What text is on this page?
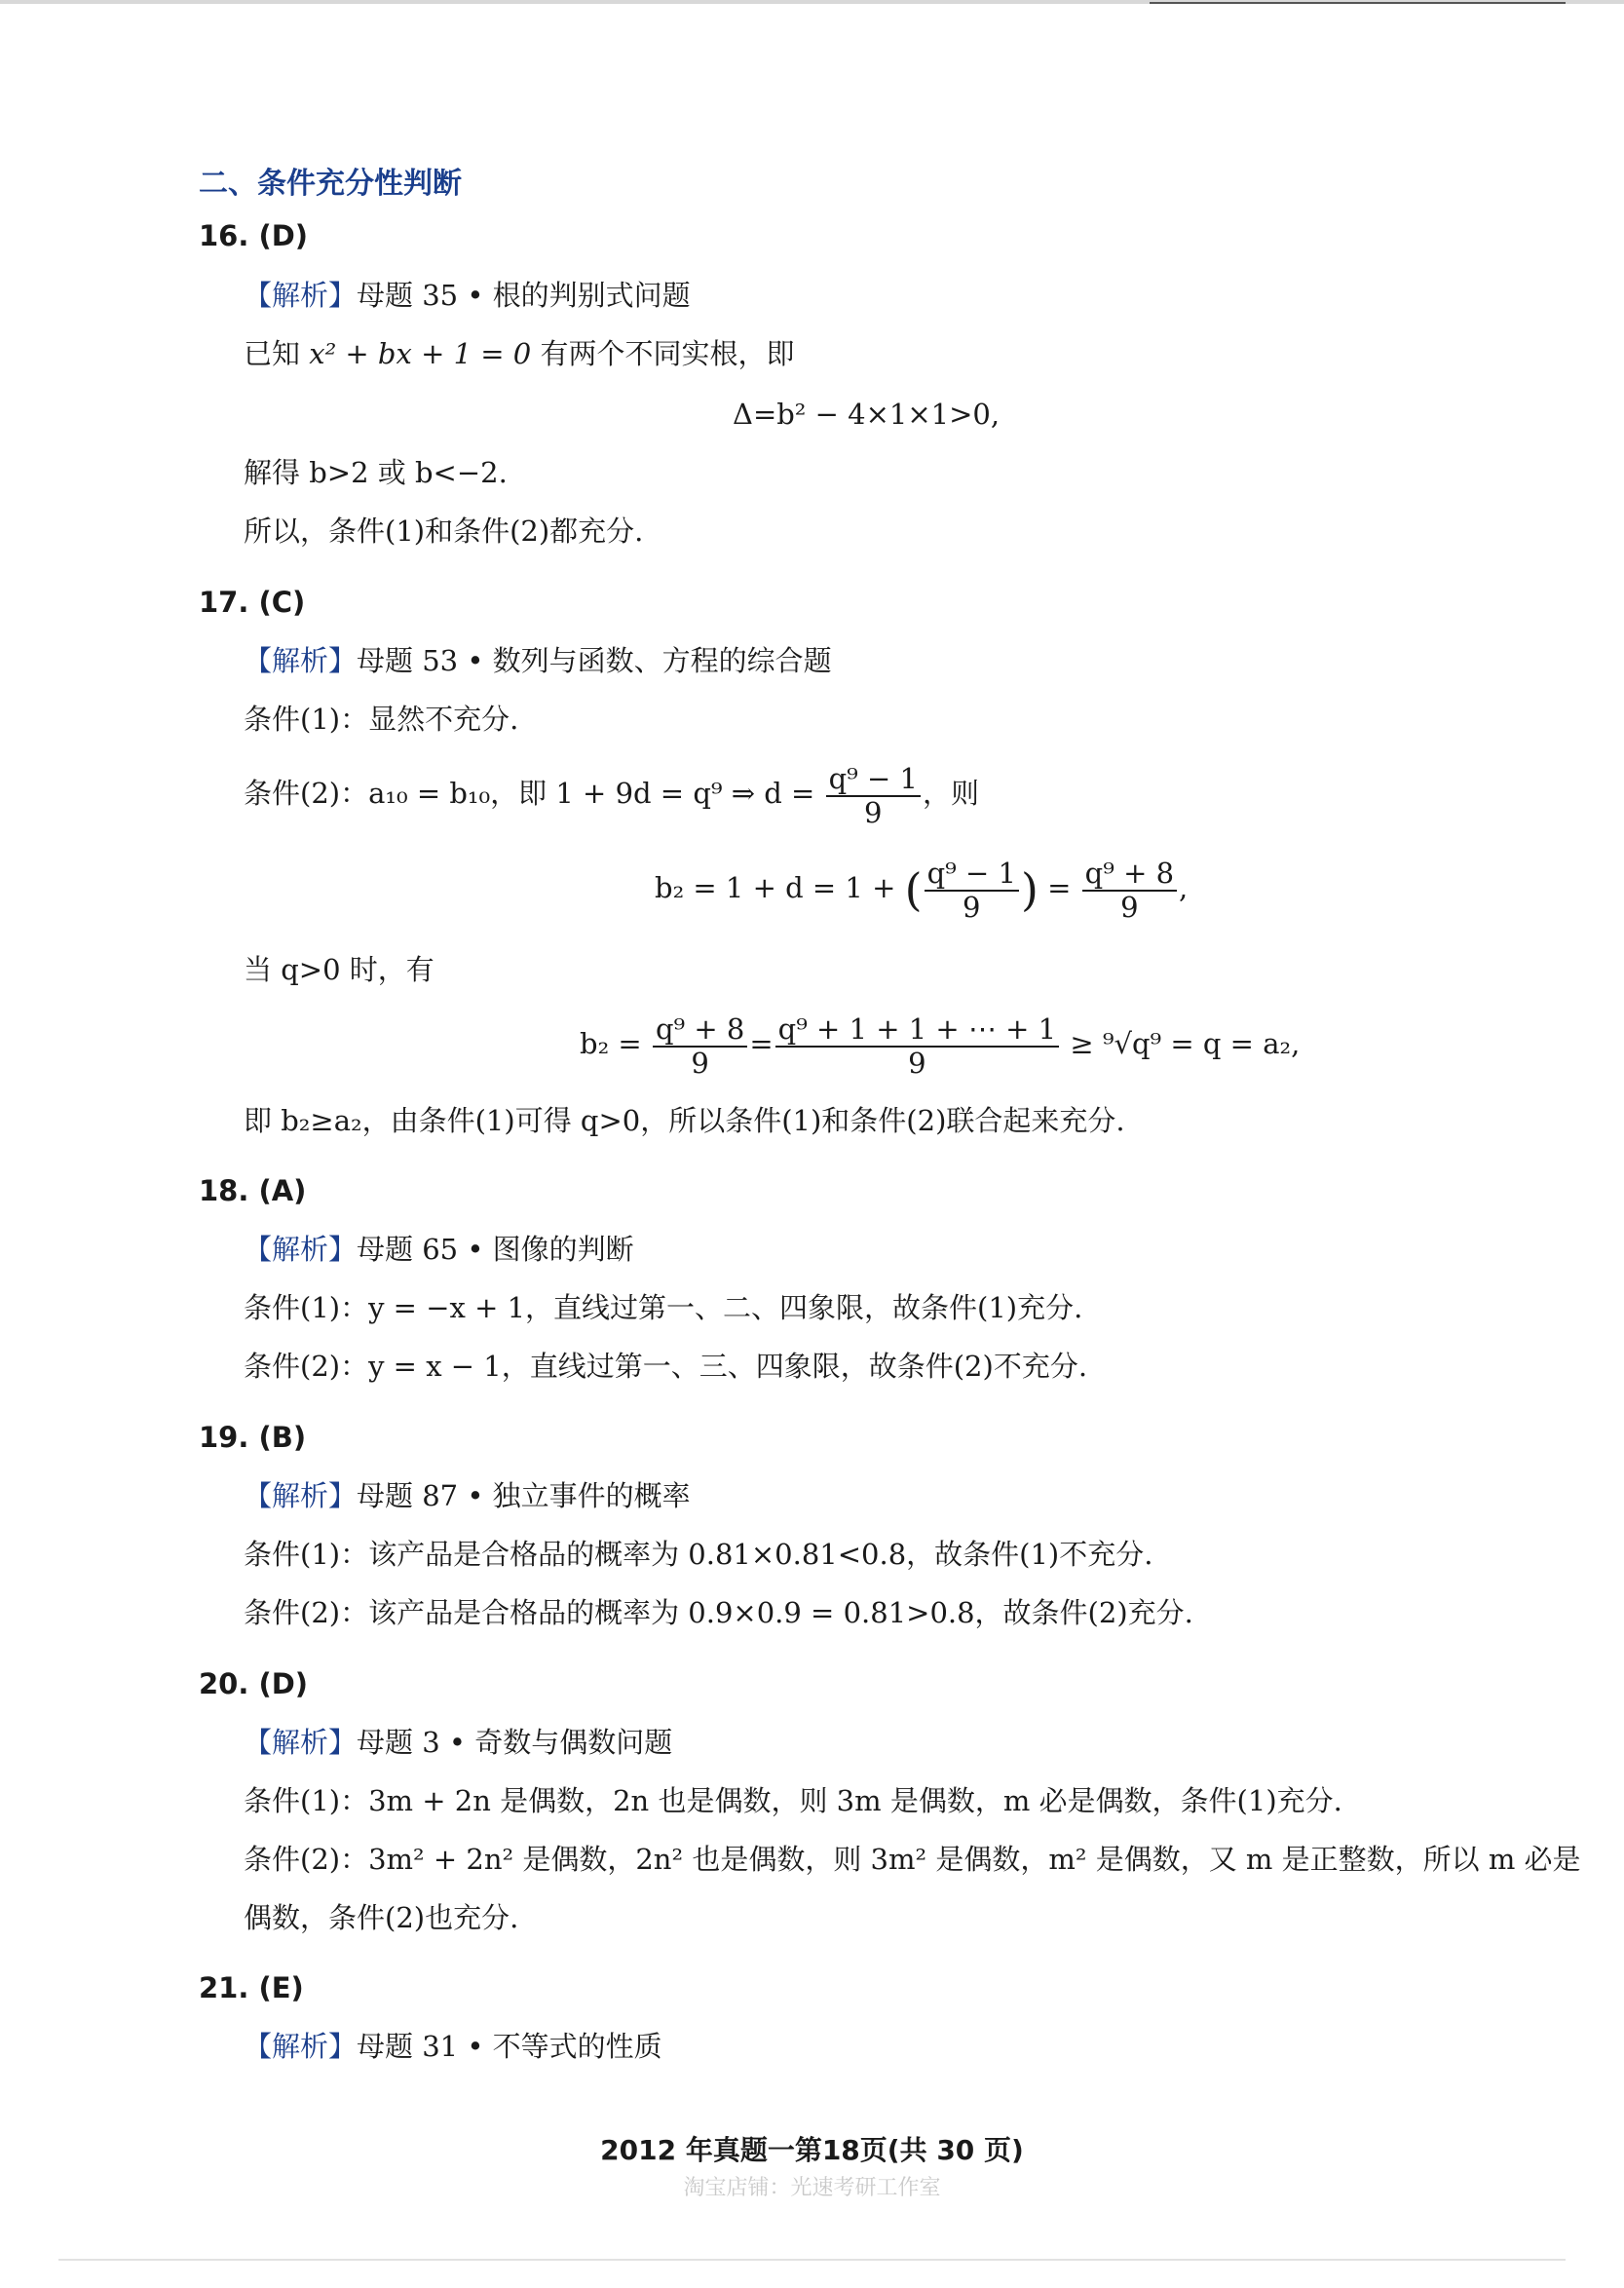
二、条件充分性判断
16. (D)
【解析】母题 35 • 根的判别式问题
已知 x² + bx + 1 = 0 有两个不同实根，即
Δ=b² − 4×1×1>0,
解得 b>2 或 b<−2.
所以，条件(1)和条件(2)都充分.
17. (C)
【解析】母题 53 • 数列与函数、方程的综合题
条件(1)：显然不充分.
条件(2)：a₁₀ = b₁₀，即 1 + 9d = q⁹ ⇒ $d = \frac{\text{q⁹ − 1}}{9}$ ，则
b₂ = 1 + d = 1 + ( $\frac{\text{q⁹ − 1}}{9}$ ) = $\frac{\text{q⁹ + 8}}{9}$ ,
当 q>0 时，有
$b_2 = \frac{\text{q⁹ + 8}}{9} = \frac{\text{q⁹ + 1 + 1 + ⋯ + 1}}{9} \ge ^9√q^9 = q = a_2$,
即 b₂≥a₂，由条件(1)可得 q>0，所以条件(1)和条件(2)联合起来充分.
18. (A)
【解析】母题 65 • 图像的判断
条件(1)：y = −x + 1，直线过第一、二、四象限，故条件(1)充分.
条件(2)：y = x − 1，直线过第一、三、四象限，故条件(2)不充分.
19. (B)
【解析】母题 87 • 独立事件的概率
条件(1)：该产品是合格品的概率为 0.81×0.81<0.8，故条件(1)不充分.
条件(2)：该产品是合格品的概率为 0.9×0.9 = 0.81>0.8，故条件(2)充分.
20. (D)
【解析】母题 3 • 奇数与偶数问题
条件(1)：3m + 2n 是偶数，2n 也是偶数，则 3m 是偶数，m 必是偶数，条件(1)充分.
条件(2)：3m² + 2n² 是偶数，2n² 也是偶数，则 3m² 是偶数，m² 是偶数，又 m 是正整数，所以 m 必是
偶数，条件(2)也充分.
21. (E)
【解析】母题 31 • 不等式的性质
2012 年真题一第18页(共 30 页)
淘宝店铺：光速考研工作室
